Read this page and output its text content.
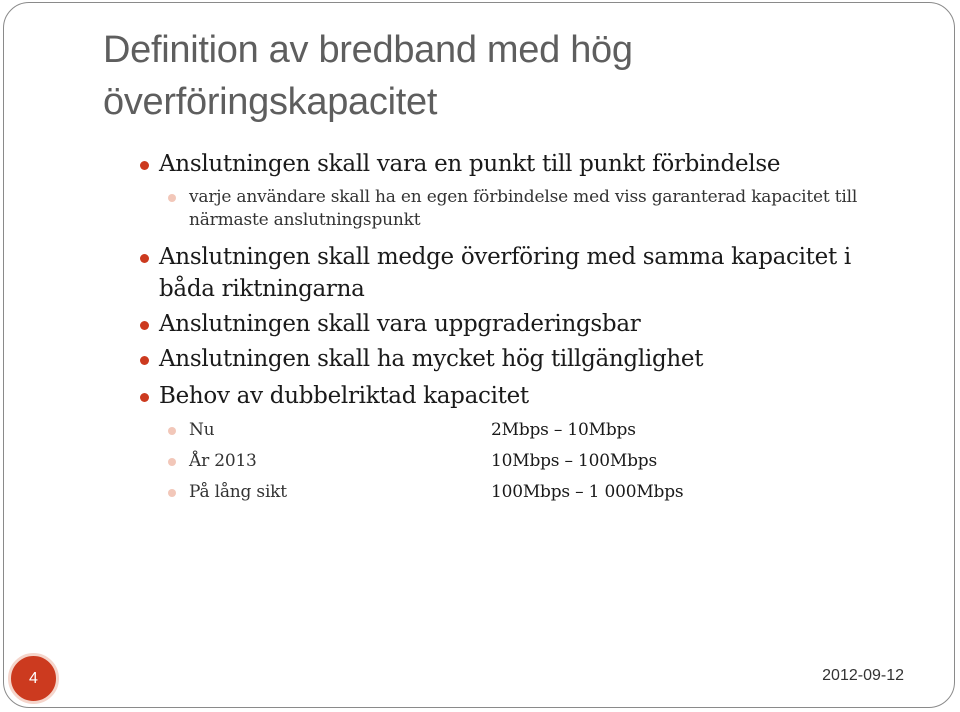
Definition av bredband med hög överföringskapacitet
Anslutningen skall vara en punkt till punkt förbindelse
varje användare skall ha en egen förbindelse med viss garanterad kapacitet till närmaste anslutningspunkt
Anslutningen skall medge överföring med samma kapacitet i båda riktningarna
Anslutningen skall vara uppgraderingsbar
Anslutningen skall ha mycket hög tillgänglighet
Behov av dubbelriktad kapacitet
Nu	2Mbps – 10Mbps
År 2013	10Mbps – 100Mbps
På lång sikt	100Mbps – 1 000Mbps
4	2012-09-12
